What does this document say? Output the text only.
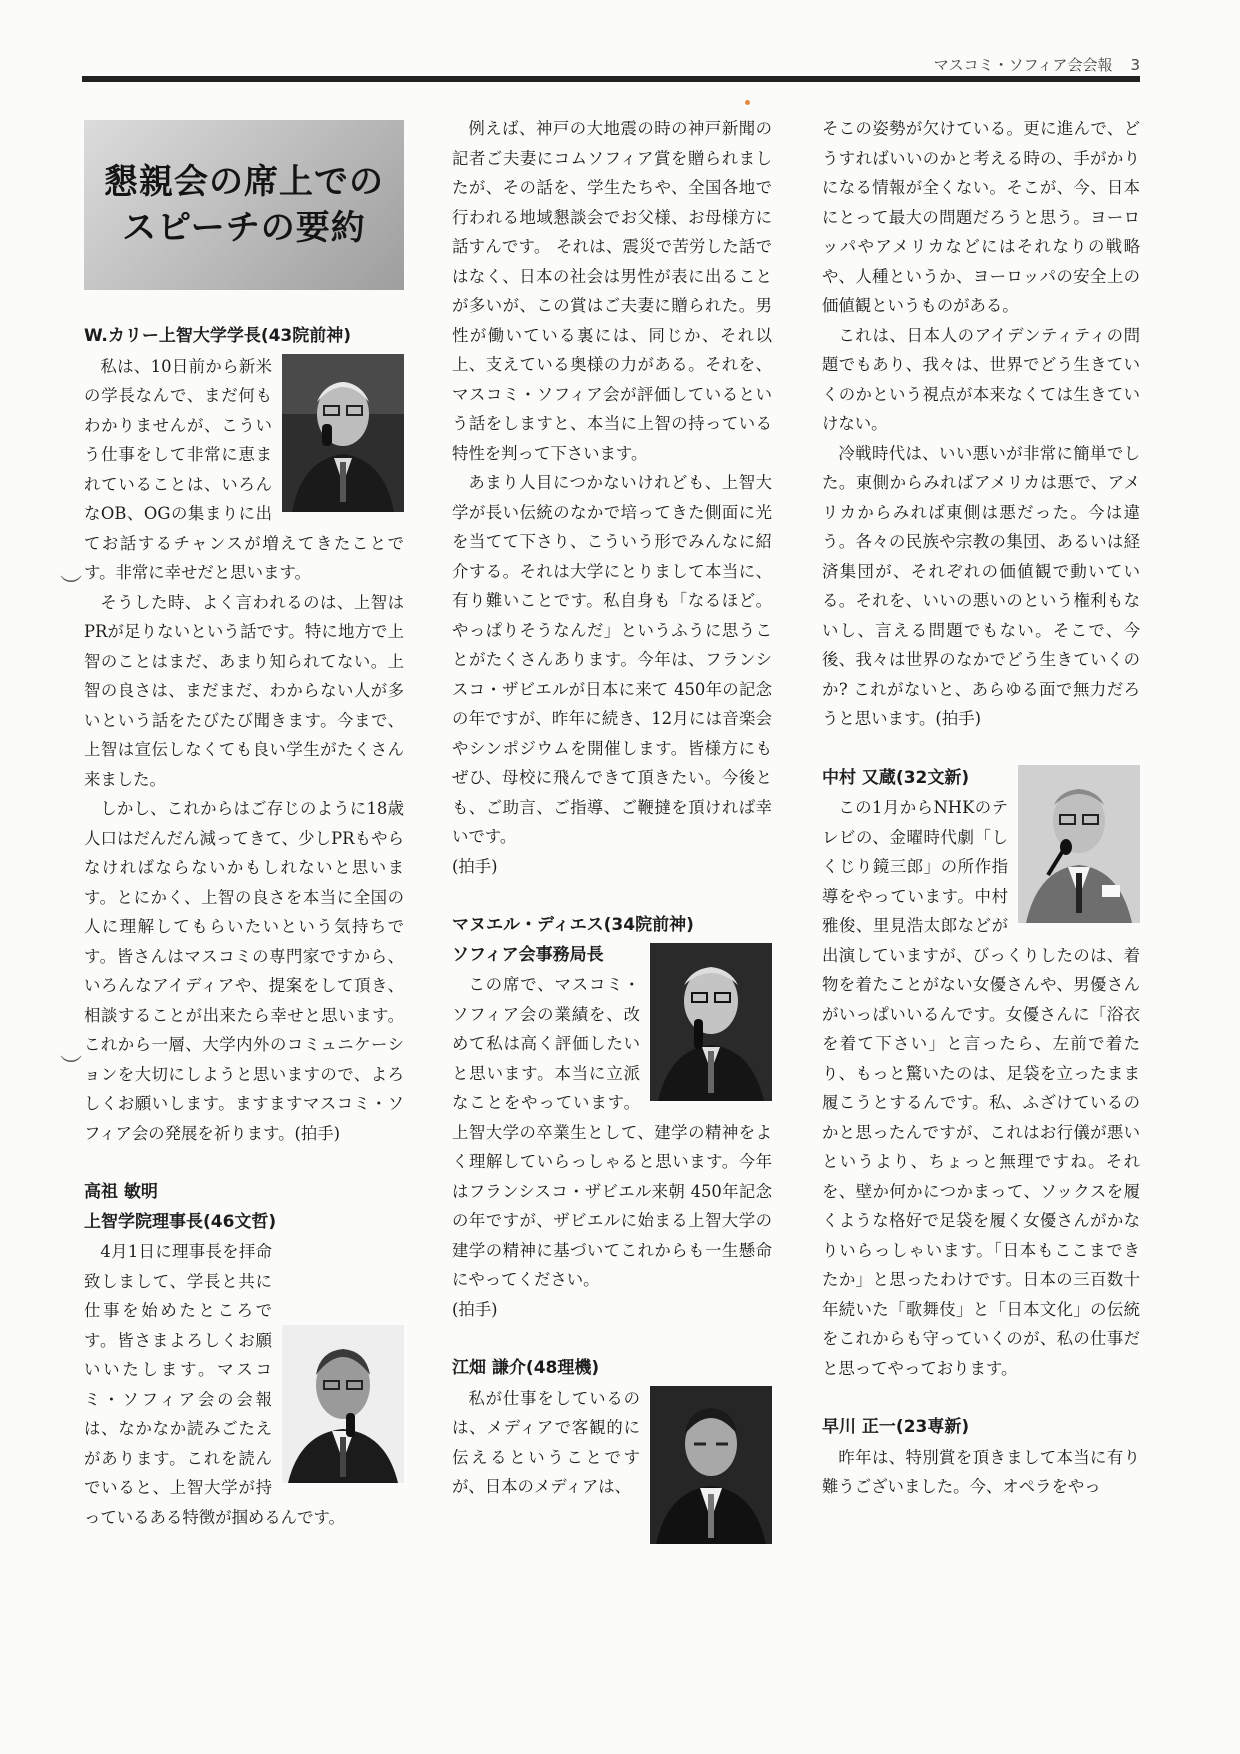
マスコミ・ソフィア会会報 3
懇親会の席上での
スピーチの要約
︶
︶
W.カリー上智大学学長(43院前神)

私は、10日前から新米の学長なんで、まだ何もわかりませんが、こういう仕事をして非常に恵まれていることは、いろんなOB、OGの集まりに出てお話するチャンスが増えてきたことです。非常に幸せだと思います。

そうした時、よく言われるのは、上智はPRが足りないという話です。特に地方で上智のことはまだ、あまり知られてない。上智の良さは、まだまだ、わからない人が多いという話をたびたび聞きます。今まで、上智は宣伝しなくても良い学生がたくさん来ました。

しかし、これからはご存じのように18歳人口はだんだん減ってきて、少しPRもやらなければならないかもしれないと思います。とにかく、上智の良さを本当に全国の人に理解してもらいたいという気持ちです。皆さんはマスコミの専門家ですから、いろんなアイディアや、提案をして頂き、相談することが出来たら幸せと思います。これから一層、大学内外のコミュニケーションを大切にしようと思いますので、よろしくお願いします。ますますマスコミ・ソフィア会の発展を祈ります。(拍手)

高祖 敏明
上智学院理事長(46文哲)

4月1日に理事長を拝命致しまして、学長と共に仕事を始めたところです。皆さまよろしくお願いいたします。マスコミ・ソフィア会の会報は、なかなか読みごたえがあります。これを読んでいると、上智大学が持っているある特徴が掴めるんです。

例えば、神戸の大地震の時の神戸新聞の記者ご夫妻にコムソフィア賞を贈られましたが、その話を、学生たちや、全国各地で行われる地域懇談会でお父様、お母様方に話すんです。 それは、震災で苦労した話ではなく、日本の社会は男性が表に出ることが多いが、この賞はご夫妻に贈られた。男性が働いている裏には、同じか、それ以上、支えている奥様の力がある。それを、マスコミ・ソフィア会が評価しているという話をしますと、本当に上智の持っている特性を判って下さいます。

あまり人目につかないけれども、上智大学が長い伝統のなかで培ってきた側面に光を当てて下さり、こういう形でみんなに紹介する。それは大学にとりまして本当に、有り難いことです。私自身も「なるほど。やっぱりそうなんだ」というふうに思うことがたくさんあります。今年は、フランシスコ・ザビエルが日本に来て 450年の記念の年ですが、昨年に続き、12月には音楽会やシンポジウムを開催します。皆様方にもぜひ、母校に飛んできて頂きたい。今後とも、ご助言、ご指導、ご鞭撻を頂ければ幸いです。

(拍手)

マヌエル・ディエス(34院前神)
ソフィア会事務局長

この席で、マスコミ・ソフィア会の業績を、改めて私は高く評価したいと思います。本当に立派なことをやっています。上智大学の卒業生として、建学の精神をよく理解していらっしゃると思います。今年はフランシスコ・ザビエル来朝 450年記念の年ですが、ザビエルに始まる上智大学の建学の精神に基づいてこれからも一生懸命にやってください。

(拍手)

江畑 謙介(48理機)

私が仕事をしているのは、メディアで客観的に伝えるということですが、日本のメディアは、

そこの姿勢が欠けている。更に進んで、どうすればいいのかと考える時の、手がかりになる情報が全くない。そこが、今、日本にとって最大の問題だろうと思う。ヨーロッパやアメリカなどにはそれなりの戦略や、人種というか、ヨーロッパの安全上の価値観というものがある。

これは、日本人のアイデンティティの問題でもあり、我々は、世界でどう生きていくのかという視点が本来なくては生きていけない。

冷戦時代は、いい悪いが非常に簡単でした。東側からみればアメリカは悪で、アメリカからみれば東側は悪だった。今は違う。各々の民族や宗教の集団、あるいは経済集団が、それぞれの価値観で動いている。それを、いいの悪いのという権利もないし、言える問題でもない。そこで、今後、我々は世界のなかでどう生きていくのか? これがないと、あらゆる面で無力だろうと思います。(拍手)

中村 又蔵(32文新)

この1月からNHKのテレビの、金曜時代劇「しくじり鏡三郎」の所作指導をやっています。中村雅俊、里見浩太郎などが出演していますが、びっくりしたのは、着物を着たことがない女優さんや、男優さんがいっぱいいるんです。女優さんに「浴衣を着て下さい」と言ったら、左前で着たり、もっと驚いたのは、足袋を立ったまま履こうとするんです。私、ふざけているのかと思ったんですが、これはお行儀が悪いというより、ちょっと無理ですね。それを、壁か何かにつかまって、ソックスを履くような格好で足袋を履く女優さんがかなりいらっしゃいます。「日本もここまできたか」と思ったわけです。日本の三百数十年続いた「歌舞伎」と「日本文化」の伝統をこれからも守っていくのが、私の仕事だと思ってやっております。

早川 正一(23専新)

昨年は、特別賞を頂きまして本当に有り難うございました。今、オペラをやっ
